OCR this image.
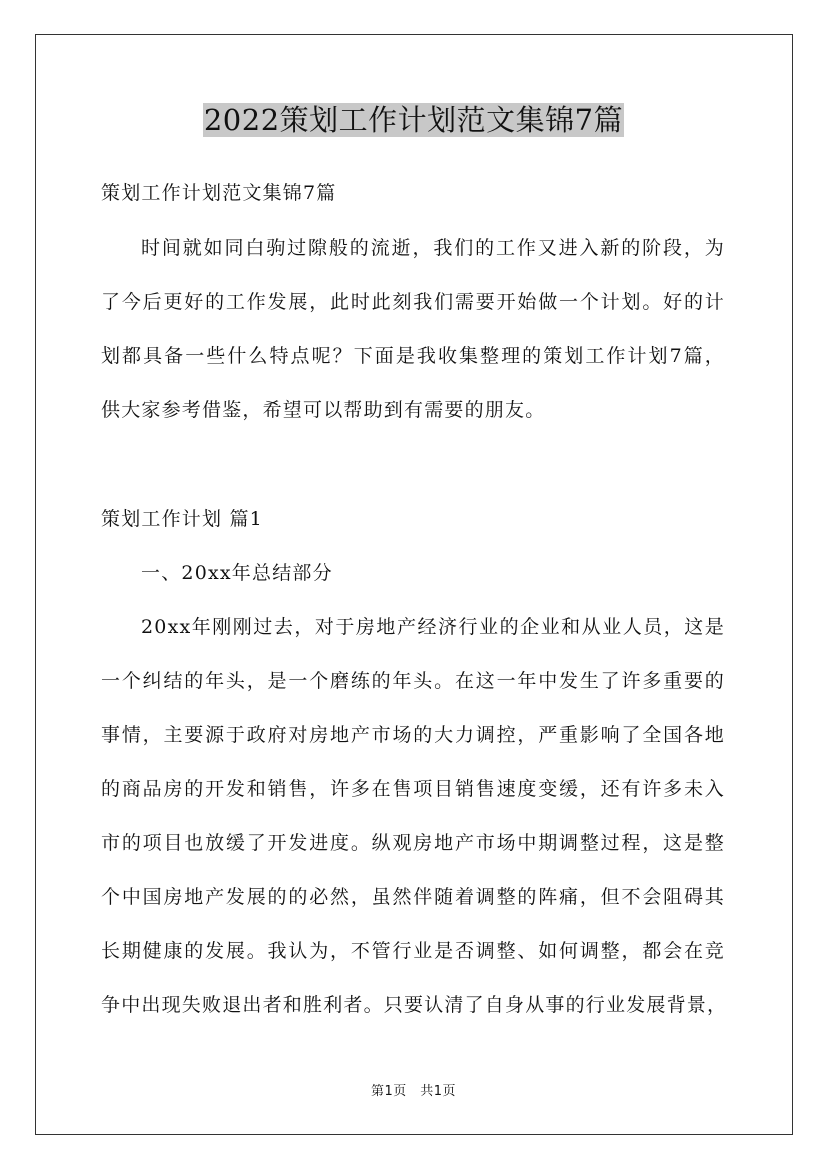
2022策划工作计划范文集锦7篇
策划工作计划范文集锦7篇
时间就如同白驹过隙般的流逝，我们的工作又进入新的阶段，为
了今后更好的工作发展，此时此刻我们需要开始做一个计划。好的计
划都具备一些什么特点呢？下面是我收集整理的策划工作计划7篇，
供大家参考借鉴，希望可以帮助到有需要的朋友。
策划工作计划 篇1
一、20xx年总结部分
20xx年刚刚过去，对于房地产经济行业的企业和从业人员，这是
一个纠结的年头，是一个磨练的年头。在这一年中发生了许多重要的
事情，主要源于政府对房地产市场的大力调控，严重影响了全国各地
的商品房的开发和销售，许多在售项目销售速度变缓，还有许多未入
市的项目也放缓了开发进度。纵观房地产市场中期调整过程，这是整
个中国房地产发展的的必然，虽然伴随着调整的阵痛，但不会阻碍其
长期健康的发展。我认为，不管行业是否调整、如何调整，都会在竞
争中出现失败退出者和胜利者。只要认清了自身从事的行业发展背景，
第1页　共1页
